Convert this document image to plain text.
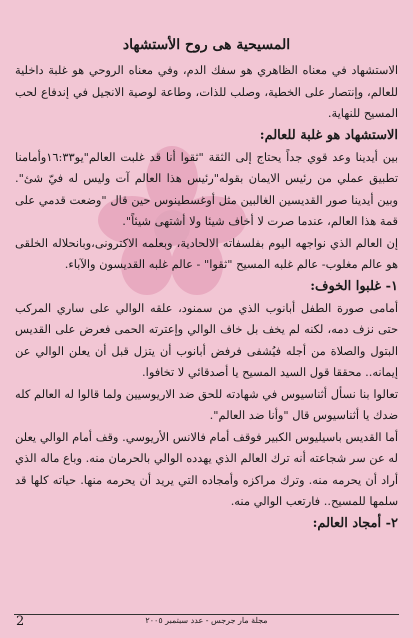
المسيحية هى روح الأستشهاد

الاستشهاد في معناه الظاهري هو سفك الدم، وفي معناه الروحي هو غلبة داخلية للعالم، وإنتصار على الخطية، وصلب للذات، وطاعة لوصية الانجيل في إندفاع لحب المسيح للنهاية.

الاستشهاد هو غلبة للعالم:

بين أيدينا وعد قوي جداً يحتاج إلى الثقة "ثقوا أنا قد غلبت العالم"يو١٦:٣٣وأمامنا تطبيق عملي من رئيس الايمان بقوله"رئيس هذا العالم آت وليس له فيّ شئ". وبين أيدينا صور القديسين الغالبين مثل أوغسطينوس حين قال "وضعت قدمي على قمة هذا العالم، عندما صرت لا أخاف شيئا ولا أشتهى شيئاً".

إن العالم الذي نواجهه اليوم بفلسفاته الالحادية، وبعلمه الاكترونى،وبانحلاله الخلقى هو عالم مغلوب- عالم غلبه المسيح "ثقوا" - عالم غلبه القديسون والآباء.

١- غلبوا الخوف:

أمامى صورة الطفل أبانوب الذي من سمنود، علقه الوالي على ساري المركب حتى نزف دمه، لكنه لم يخف بل خاف الوالي وإعترته الحمى فعرض على القديس البتول والصلاة من أجله فيُشفى فرفض أبانوب أن يتزل قبل أن يعلن الوالي عن إيمانه.. محققا قول السيد المسيح يا أصدقائي لا تخافوا.

تعالوا بنا نسأل أثناسيوس في شهادته للحق ضد الاريوسيين ولما قالوا له العالم كله ضدك يا أثناسيوس قال "وأنا ضد العالم".

أما القديس باسيليوس الكبير فوقف أمام فالانس الأريوسي. وقف أمام الوالي يعلن له عن سر شجاعته أنه ترك العالم الذي يهدده الوالي بالحرمان منه. وباع ماله الذي أراد أن يحرمه منه. وترك مراكزه وأمجاده التي يريد أن يحرمه منها. حياته كلها قد سلمها للمسيح.. فارتعب الوالي منه.

٢- أمجاد العالم:
2	مجلة مار جرجس - عدد سبتمبر ٢٠٠٥
